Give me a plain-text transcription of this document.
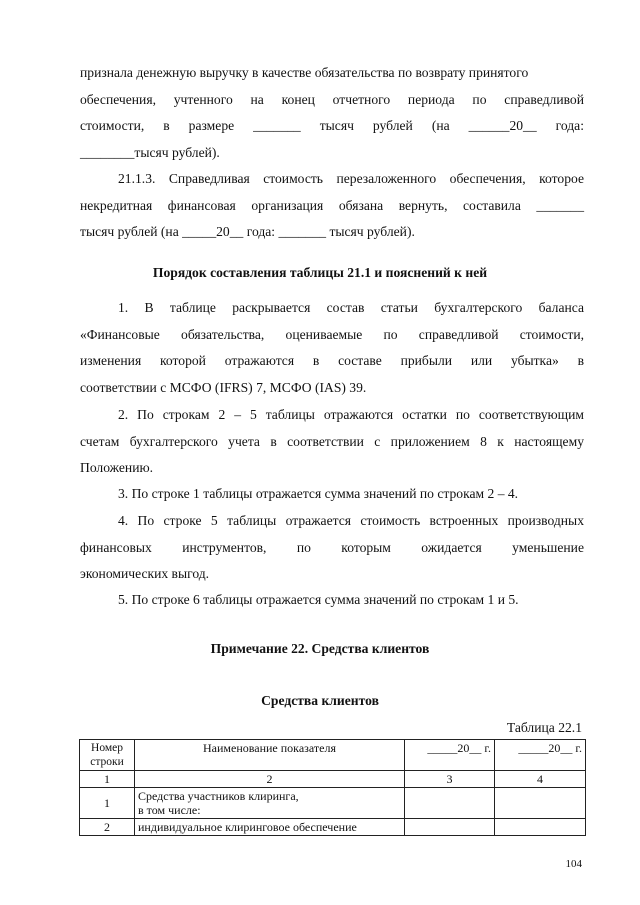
признала денежную выручку в качестве обязательства по возврату принятого
обеспечения, учтенного на конец отчетного периода по справедливой
стоимости, в размере _______ тысяч рублей (на ______20__ года:
________тысяч рублей).
21.1.3. Справедливая стоимость перезаложенного обеспечения, которое
некредитная финансовая организация обязана вернуть, составила _______
тысяч рублей (на _____20__ года: _______ тысяч рублей).
Порядок составления таблицы 21.1 и пояснений к ней
1. В таблице раскрывается состав статьи бухгалтерского баланса
«Финансовые обязательства, оцениваемые по справедливой стоимости,
изменения которой отражаются в составе прибыли или убытка» в
соответствии с МСФО (IFRS) 7, МСФО (IAS) 39.
2. По строкам 2 – 5 таблицы отражаются остатки по соответствующим
счетам бухгалтерского учета в соответствии с приложением 8 к настоящему
Положению.
3. По строке 1 таблицы отражается сумма значений по строкам 2 – 4.
4. По строке 5 таблицы отражается стоимость встроенных производных
финансовых инструментов, по которым ожидается уменьшение
экономических выгод.
5. По строке 6 таблицы отражается сумма значений по строкам 1 и 5.
Примечание 22. Средства клиентов
Средства клиентов
Таблица 22.1
Номер строки	Наименование показателя	_____20__ г.	_____20__ г.
1	2	3	4
1	Средства участников клиринга,
в том числе:		

2	индивидуальное клиринговое обеспечение		
104
